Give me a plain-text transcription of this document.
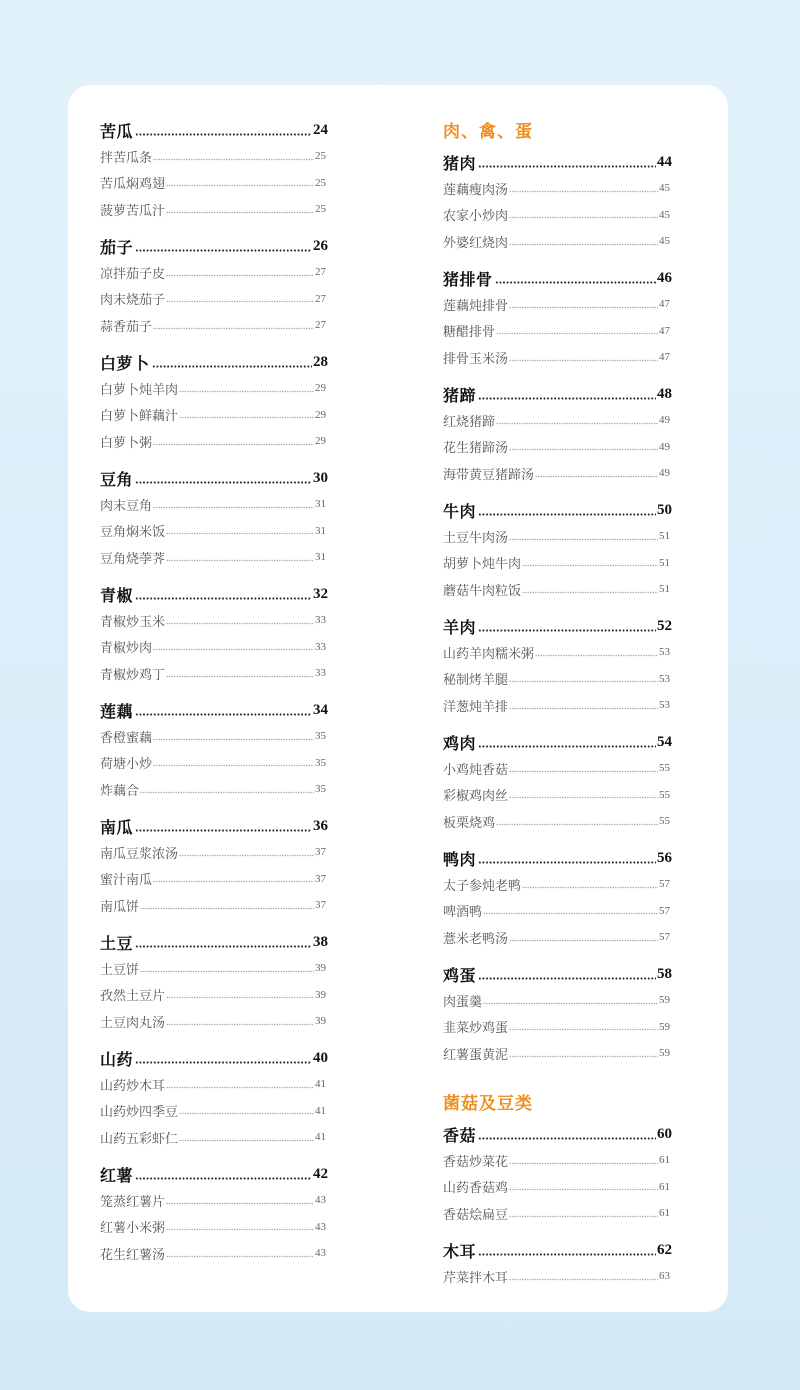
苦瓜	24
拌苦瓜条	25
苦瓜焖鸡翅	25
菠萝苦瓜汁	25
茄子	26
凉拌茄子皮	27
肉末烧茄子	27
蒜香茄子	27
白萝卜	28
白萝卜炖羊肉	29
白萝卜鲜藕汁	29
白萝卜粥	29
豆角	30
肉末豆角	31
豆角焖米饭	31
豆角烧荸荠	31
青椒	32
青椒炒玉米	33
青椒炒肉	33
青椒炒鸡丁	33
莲藕	34
香橙蜜藕	35
荷塘小炒	35
炸藕合	35
南瓜	36
南瓜豆浆浓汤	37
蜜汁南瓜	37
南瓜饼	37
土豆	38
土豆饼	39
孜然土豆片	39
土豆肉丸汤	39
山药	40
山药炒木耳	41
山药炒四季豆	41
山药五彩虾仁	41
红薯	42
笼蒸红薯片	43
红薯小米粥	43
花生红薯汤	43
肉、禽、蛋
猪肉	44
莲藕瘦肉汤	45
农家小炒肉	45
外婆红烧肉	45
猪排骨	46
莲藕炖排骨	47
糖醋排骨	47
排骨玉米汤	47
猪蹄	48
红烧猪蹄	49
花生猪蹄汤	49
海带黄豆猪蹄汤	49
牛肉	50
土豆牛肉汤	51
胡萝卜炖牛肉	51
蘑菇牛肉粒饭	51
羊肉	52
山药羊肉糯米粥	53
秘制烤羊腿	53
洋葱炖羊排	53
鸡肉	54
小鸡炖香菇	55
彩椒鸡肉丝	55
板栗烧鸡	55
鸭肉	56
太子参炖老鸭	57
啤酒鸭	57
薏米老鸭汤	57
鸡蛋	58
肉蛋羹	59
韭菜炒鸡蛋	59
红薯蛋黄泥	59
菌菇及豆类
香菇	60
香菇炒菜花	61
山药香菇鸡	61
香菇烩扁豆	61
木耳	62
芹菜拌木耳	63
